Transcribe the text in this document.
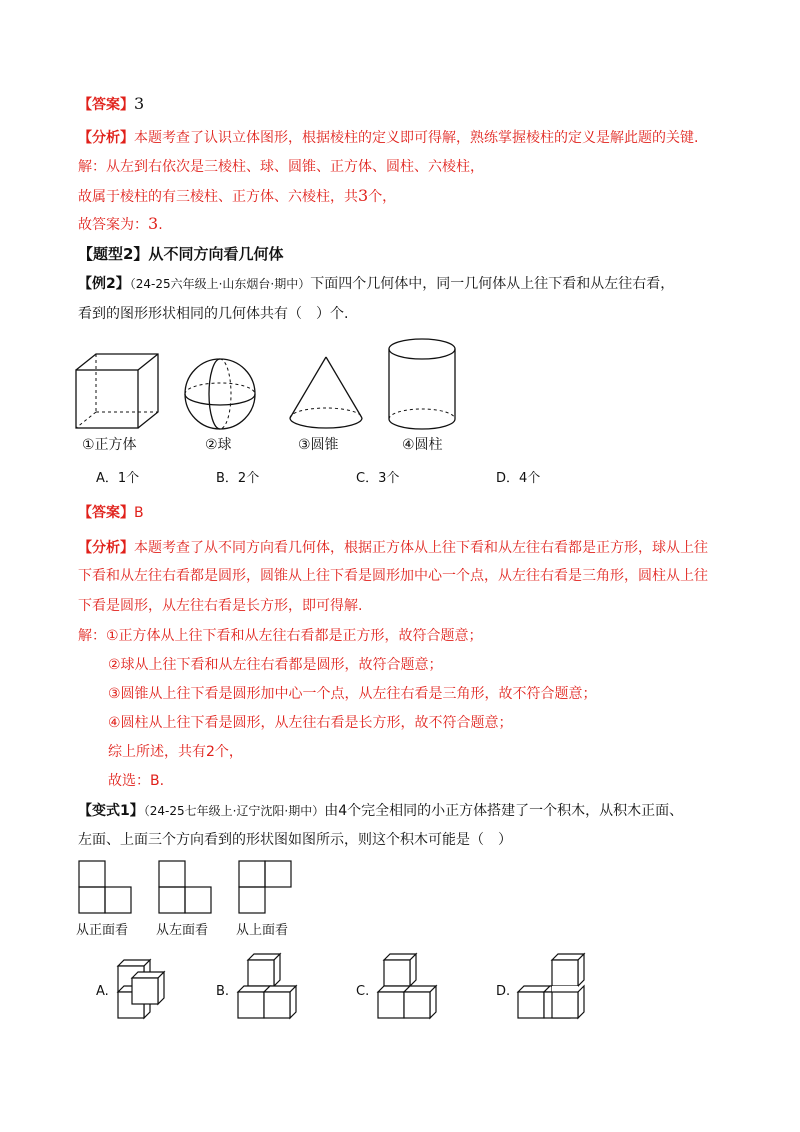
【答案】3
【分析】本题考查了认识立体图形，根据棱柱的定义即可得解，熟练掌握棱柱的定义是解此题的关键.
解：从左到右依次是三棱柱、球、圆锥、正方体、圆柱、六棱柱，
故属于棱柱的有三棱柱、正方体、六棱柱，共3个，
故答案为：3.
【题型2】从不同方向看几何体
【例2】（24-25六年级上·山东烟台·期中）下面四个几何体中，同一几何体从上往下看和从左往右看，
看到的图形形状相同的几何体共有（　）个.
①正方体	②球	③圆锥	④圆柱
A．1个	B．2个	C．3个	D．4个
【答案】B
【分析】本题考查了从不同方向看几何体，根据正方体从上往下看和从左往右看都是正方形，球从上往
下看和从左往右看都是圆形，圆锥从上往下看是圆形加中心一个点，从左往右看是三角形，圆柱从上往
下看是圆形，从左往右看是长方形，即可得解.
解：①正方体从上往下看和从左往右看都是正方形，故符合题意；
②球从上往下看和从左往右看都是圆形，故符合题意；
③圆锥从上往下看是圆形加中心一个点，从左往右看是三角形，故不符合题意；
④圆柱从上往下看是圆形，从左往右看是长方形，故不符合题意；
综上所述，共有2个，
故选：B.
【变式1】（24-25七年级上·辽宁沈阳·期中）由4个完全相同的小正方体搭建了一个积木，从积木正面、
左面、上面三个方向看到的形状图如图所示，则这个积木可能是（　）
从正面看 从左面看 从上面看
A.	B.	C.	D.
